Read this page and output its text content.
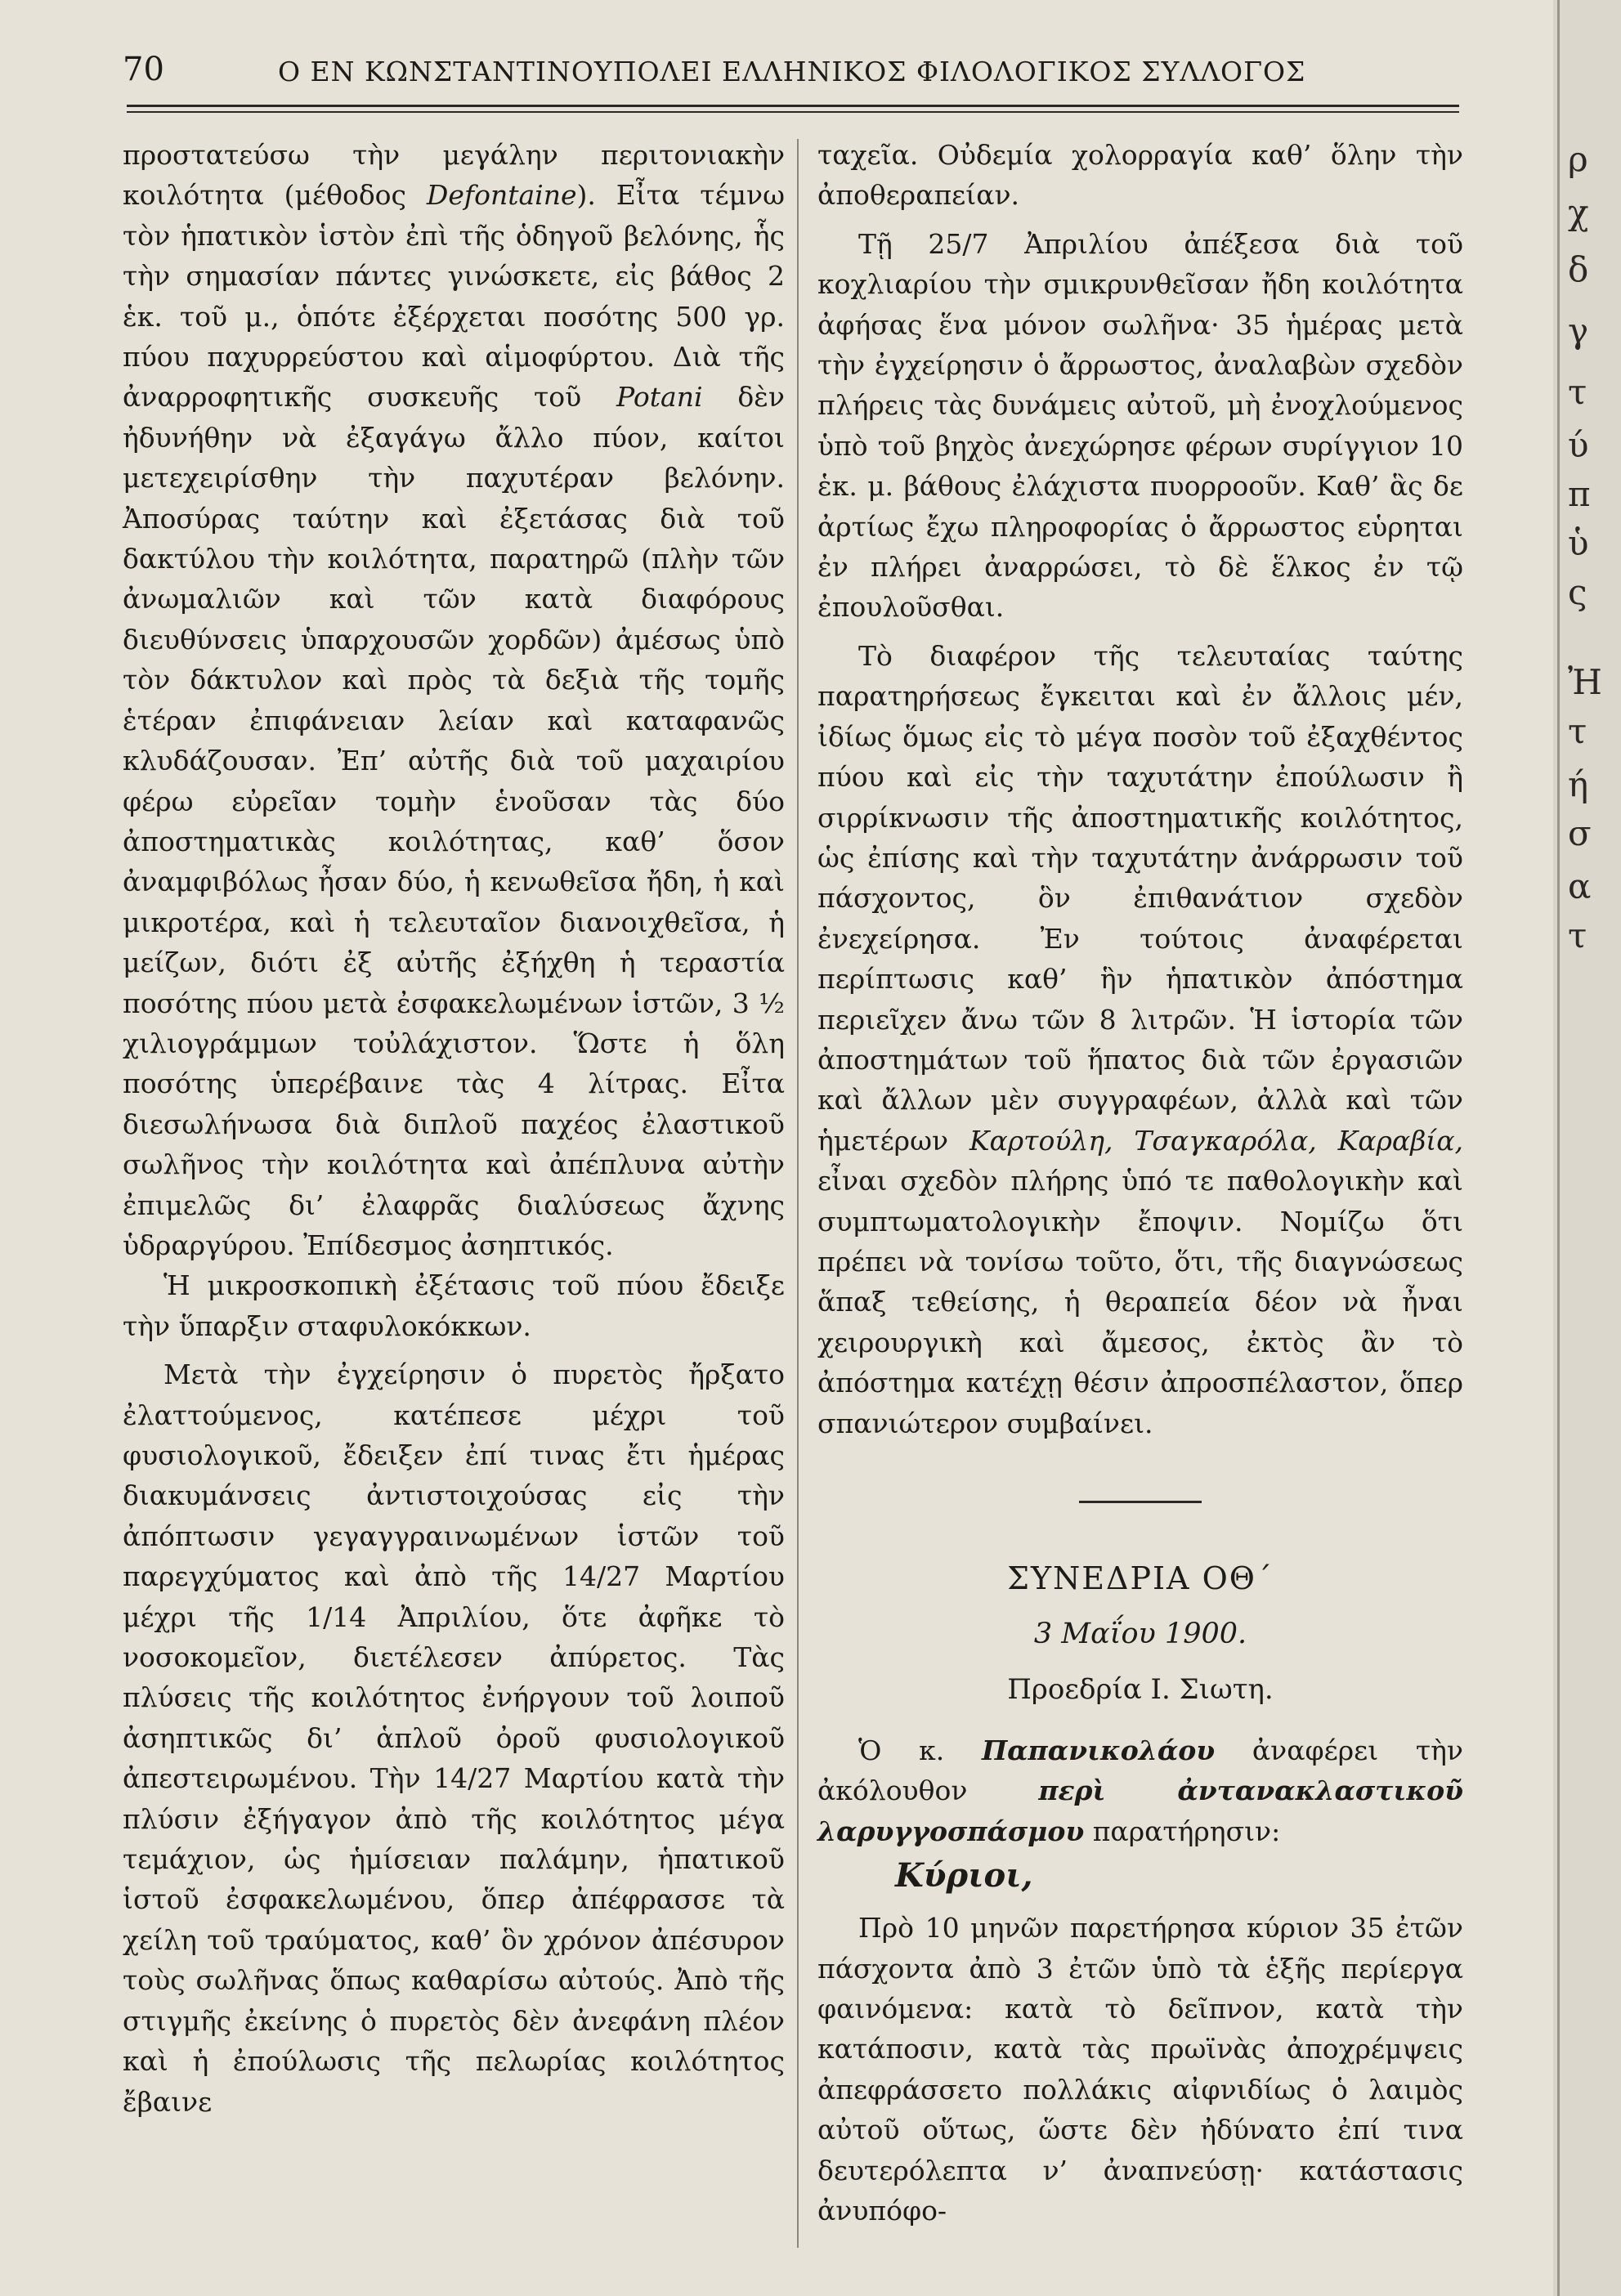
70	Ο ΕΝ ΚΩΝΣΤΑΝΤΙΝΟΥΠΟΛΕΙ ΕΛΛΗΝΙΚΟΣ ΦΙΛΟΛΟΓΙΚΟΣ ΣΥΛΛΟΓΟΣ

προστατεύσω τὴν μεγάλην περιτονιακὴν κοιλότητα (μέθοδος Defontaine). Εἶτα τέμνω τὸν ἡπατικὸν ἱστὸν ἐπὶ τῆς ὁδηγοῦ βελόνης, ἧς τὴν σημασίαν πάντες γινώσκετε, εἰς βάθος 2 ἑκ. τοῦ μ., ὁπότε ἐξέρχεται ποσότης 500 γρ. πύου παχυρρεύστου καὶ αἱμοφύρτου. Διὰ τῆς ἀναρροφητικῆς συσκευῆς τοῦ Potani δὲν ἠδυνήθην νὰ ἐξαγάγω ἄλλο πύον, καίτοι μετεχειρίσθην τὴν παχυτέραν βελόνην. Ἀποσύρας ταύτην καὶ ἐξετάσας διὰ τοῦ δακτύλου τὴν κοιλότητα, παρατηρῶ (πλὴν τῶν ἀνωμαλιῶν καὶ τῶν κατὰ διαφόρους διευθύνσεις ὑπαρχουσῶν χορδῶν) ἀμέσως ὑπὸ τὸν δάκτυλον καὶ πρὸς τὰ δεξιὰ τῆς τομῆς ἑτέραν ἐπιφάνειαν λείαν καὶ καταφανῶς κλυδάζουσαν. Ἐπ’ αὐτῆς διὰ τοῦ μαχαιρίου φέρω εὐρεῖαν τομὴν ἑνοῦσαν τὰς δύο ἀποστηματικὰς κοιλότητας, καθ’ ὅσον ἀναμφιβόλως ἦσαν δύο, ἡ κενωθεῖσα ἤδη, ἡ καὶ μικροτέρα, καὶ ἡ τελευταῖον διανοιχθεῖσα, ἡ μείζων, διότι ἐξ αὐτῆς ἐξήχθη ἡ τεραστία ποσότης πύου μετὰ ἐσφακελωμένων ἱστῶν, 3 ½ χιλιογράμμων τοὐλάχιστον. Ὥστε ἡ ὅλη ποσότης ὑπερέβαινε τὰς 4 λίτρας. Εἶτα διεσωλήνωσα διὰ διπλοῦ παχέος ἐλαστικοῦ σωλῆνος τὴν κοιλότητα καὶ ἀπέπλυνα αὐτὴν ἐπιμελῶς δι’ ἐλαφρᾶς διαλύσεως ἄχνης ὑδραργύρου. Ἐπίδεσμος ἀσηπτικός.

Ἡ μικροσκοπικὴ ἐξέτασις τοῦ πύου ἔδειξε τὴν ὕπαρξιν σταφυλοκόκκων.

Μετὰ τὴν ἐγχείρησιν ὁ πυρετὸς ἤρξατο ἐλαττούμενος, κατέπεσε μέχρι τοῦ φυσιολογικοῦ, ἔδειξεν ἐπί τινας ἔτι ἡμέρας διακυμάνσεις ἀντιστοιχούσας εἰς τὴν ἀπόπτωσιν γεγαγγραινωμένων ἱστῶν τοῦ παρεγχύματος καὶ ἀπὸ τῆς 14/27 Μαρτίου μέχρι τῆς 1/14 Ἀπριλίου, ὅτε ἀφῆκε τὸ νοσοκομεῖον, διετέλεσεν ἀπύρετος. Τὰς πλύσεις τῆς κοιλότητος ἐνήργουν τοῦ λοιποῦ ἀσηπτικῶς δι’ ἁπλοῦ ὀροῦ φυσιολογικοῦ ἀπεστειρωμένου. Τὴν 14/27 Μαρτίου κατὰ τὴν πλύσιν ἐξήγαγον ἀπὸ τῆς κοιλότητος μέγα τεμάχιον, ὡς ἡμίσειαν παλάμην, ἡπατικοῦ ἱστοῦ ἐσφακελωμένου, ὅπερ ἀπέφρασσε τὰ χείλη τοῦ τραύματος, καθ’ ὃν χρόνον ἀπέσυρον τοὺς σωλῆνας ὅπως καθαρίσω αὐτούς. Ἀπὸ τῆς στιγμῆς ἐκείνης ὁ πυρετὸς δὲν ἀνεφάνη πλέον καὶ ἡ ἐπούλωσις τῆς πελωρίας κοιλότητος ἔβαινε

ταχεῖα. Οὐδεμία χολορραγία καθ’ ὅλην τὴν ἀποθεραπείαν.

Τῇ 25/7 Ἀπριλίου ἀπέξεσα διὰ τοῦ κοχλιαρίου τὴν σμικρυνθεῖσαν ἤδη κοιλότητα ἀφήσας ἕνα μόνον σωλῆνα· 35 ἡμέρας μετὰ τὴν ἐγχείρησιν ὁ ἄρρωστος, ἀναλαβὼν σχεδὸν πλήρεις τὰς δυνάμεις αὐτοῦ, μὴ ἐνοχλούμενος ὑπὸ τοῦ βηχὸς ἀνεχώρησε φέρων συρίγγιον 10 ἑκ. μ. βάθους ἐλάχιστα πυορροοῦν. Καθ’ ἃς δε ἀρτίως ἔχω πληροφορίας ὁ ἄρρωστος εὑρηται ἐν πλήρει ἀναρρώσει, τὸ δὲ ἕλκος ἐν τῷ ἐπουλοῦσθαι.

Τὸ διαφέρον τῆς τελευταίας ταύτης παρατηρήσεως ἔγκειται καὶ ἐν ἄλλοις μέν, ἰδίως ὅμως εἰς τὸ μέγα ποσὸν τοῦ ἐξαχθέντος πύου καὶ εἰς τὴν ταχυτάτην ἐπούλωσιν ἢ σιρρίκνωσιν τῆς ἀποστηματικῆς κοιλότητος, ὡς ἐπίσης καὶ τὴν ταχυτάτην ἀνάρρωσιν τοῦ πάσχοντος, ὃν ἐπιθανάτιον σχεδὸν ἐνεχείρησα. Ἐν τούτοις ἀναφέρεται περίπτωσις καθ’ ἣν ἡπατικὸν ἀπόστημα περιεῖχεν ἄνω τῶν 8 λιτρῶν. Ἡ ἱστορία τῶν ἀποστημάτων τοῦ ἥπατος διὰ τῶν ἐργασιῶν καὶ ἄλλων μὲν συγγραφέων, ἀλλὰ καὶ τῶν ἡμετέρων Καρτούλη, Τσαγκαρόλα, Καραβία, εἶναι σχεδὸν πλήρης ὑπό τε παθολογικὴν καὶ συμπτωματολογικὴν ἔποψιν. Νομίζω ὅτι πρέπει νὰ τονίσω τοῦτο, ὅτι, τῆς διαγνώσεως ἅπαξ τεθείσης, ἡ θεραπεία δέον νὰ ἦναι χειρουργικὴ καὶ ἄμεσος, ἐκτὸς ἂν τὸ ἀπόστημα κατέχῃ θέσιν ἀπροσπέλαστον, ὅπερ σπανιώτερον συμβαίνει.

ΣΥΝΕΔΡΙΑ ΟΘ΄

3 Μαΐου 1900.

Προεδρία Ι. Σιωτη.

Ὁ κ. Παπανικολάου ἀναφέρει τὴν ἀκόλουθον περὶ ἀντανακλαστικοῦ λαρυγγοσπάσμου παρατήρησιν:

Κύριοι,

Πρὸ 10 μηνῶν παρετήρησα κύριον 35 ἐτῶν πάσχοντα ἀπὸ 3 ἐτῶν ὑπὸ τὰ ἑξῆς περίεργα φαινόμενα: κατὰ τὸ δεῖπνον, κατὰ τὴν κατάποσιν, κατὰ τὰς πρωϊνὰς ἀποχρέμψεις ἀπεφράσσετο πολλάκις αἰφνιδίως ὁ λαιμὸς αὐτοῦ οὕτως, ὥστε δὲν ἠδύνατο ἐπί τινα δευτερόλεπτα ν’ ἀναπνεύσῃ· κατάστασις ἀνυπόφο-

ρ
χ
δ
γ
τ
ύ
π
ὑ
ς
Ἠ
τ
ή
σ
α
τ
